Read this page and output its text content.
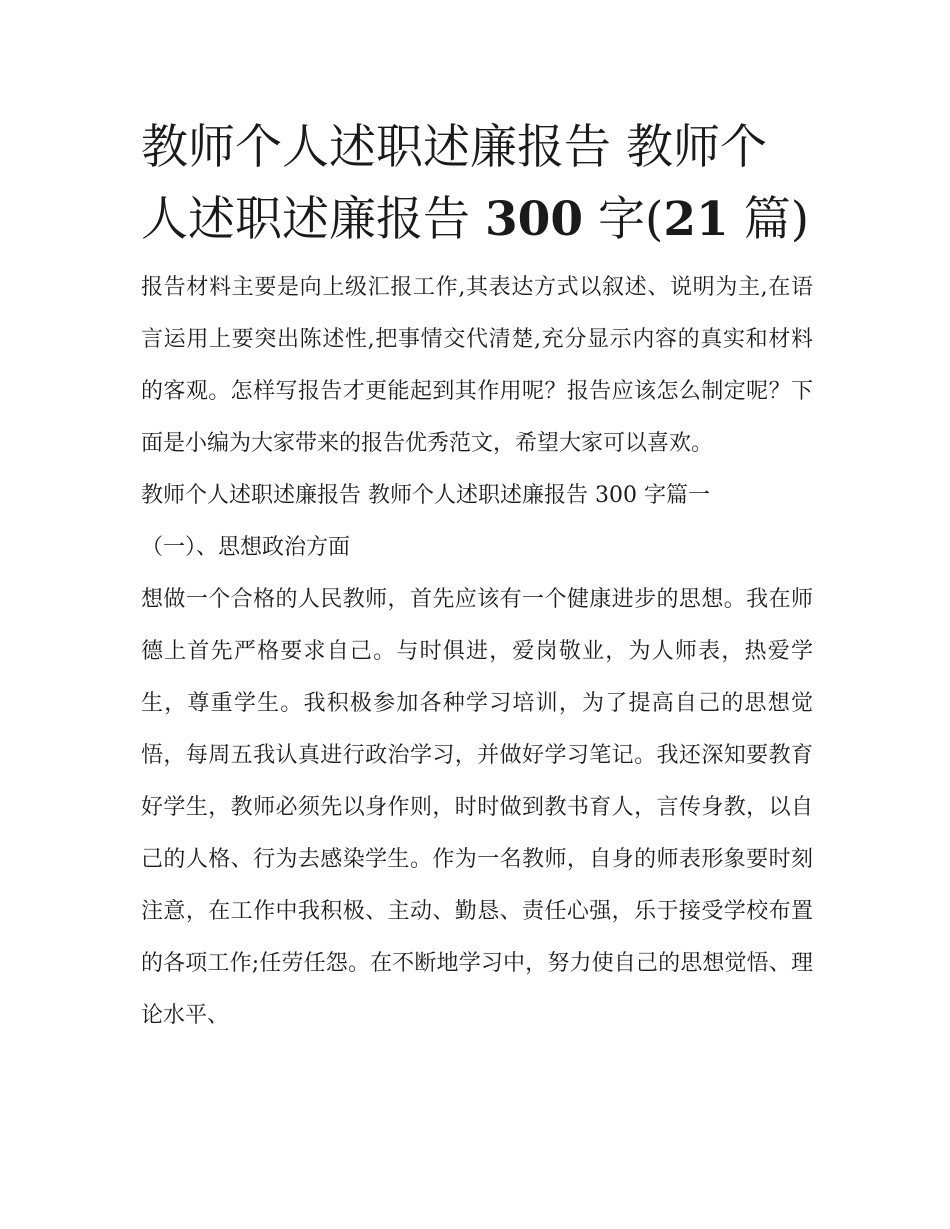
教师个人述职述廉报告 教师个人述职述廉报告 300 字(21 篇)

报告材料主要是向上级汇报工作,其表达方式以叙述、说明为主,在语言运用上要突出陈述性,把事情交代清楚,充分显示内容的真实和材料的客观。怎样写报告才更能起到其作用呢？报告应该怎么制定呢？下面是小编为大家带来的报告优秀范文，希望大家可以喜欢。

教师个人述职述廉报告 教师个人述职述廉报告 300 字篇一

（一）、思想政治方面

想做一个合格的人民教师，首先应该有一个健康进步的思想。我在师德上首先严格要求自己。与时俱进，爱岗敬业，为人师表，热爱学生，尊重学生。我积极参加各种学习培训，为了提高自己的思想觉悟，每周五我认真进行政治学习，并做好学习笔记。我还深知要教育好学生，教师必须先以身作则，时时做到教书育人，言传身教，以自己的人格、行为去感染学生。作为一名教师，自身的师表形象要时刻注意，在工作中我积极、主动、勤恳、责任心强，乐于接受学校布置的各项工作;任劳任怨。在不断地学习中，努力使自己的思想觉悟、理论水平、
